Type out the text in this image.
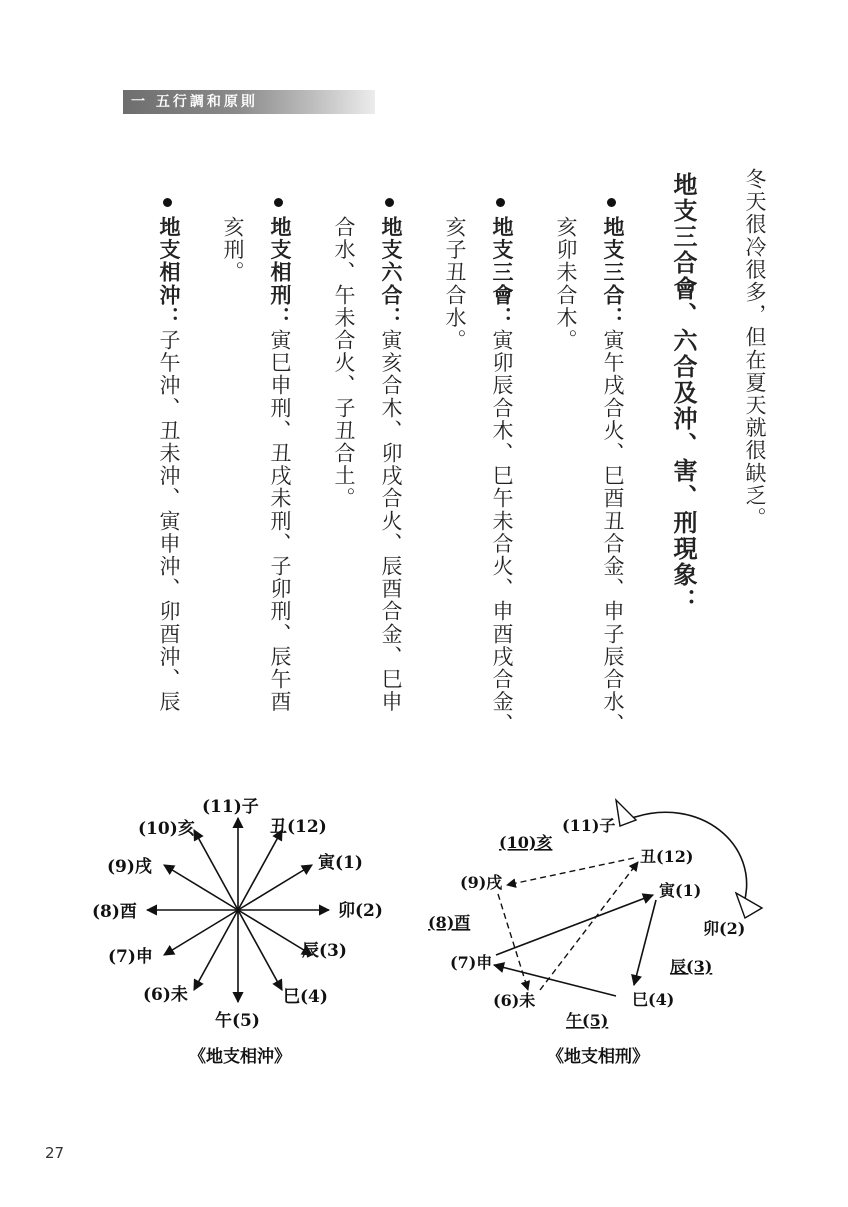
一 五行調和原則
冬天很冷很多，但在夏天就很缺乏。
地支三合會、六合及沖、害、刑現象：
地支三合：寅午戌合火、巳酉丑合金、申子辰合水、
亥卯未合木。
地支三會：寅卯辰合木、巳午未合火、申酉戌合金、
亥子丑合水。
地支六合：寅亥合木、卯戌合火、辰酉合金、巳申
合水、午未合火、子丑合土。
地支相刑：寅巳申刑、丑戌未刑、子卯刑、辰午酉
亥刑。
地支相沖：子午沖、丑未沖、寅申沖、卯酉沖、辰
(11)子
丑(12)
寅(1)
卯(2)
辰(3)
巳(4)
午(5)
(6)未
(7)申
(8)酉
(9)戌
(10)亥
《地支相沖》
(11)子
丑(12)
寅(1)
卯(2)
辰(3)
巳(4)
午(5)
(6)未
(7)申
(8)酉
(9)戌
(10)亥
《地支相刑》
27
